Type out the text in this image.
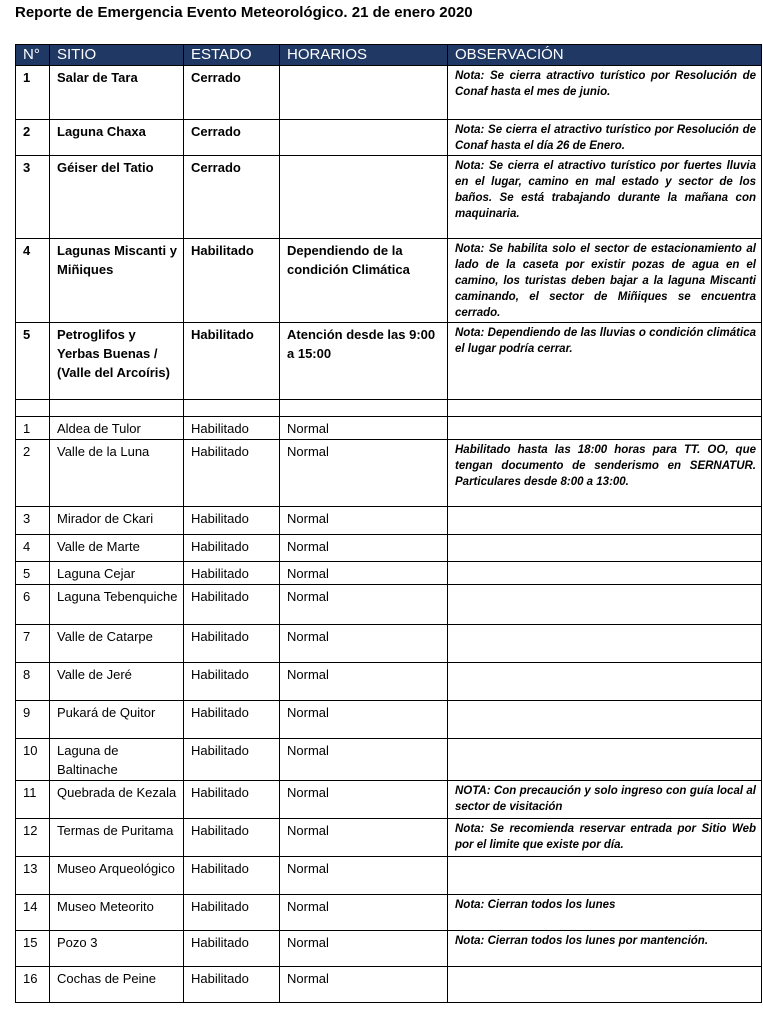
Reporte de Emergencia Evento Meteorológico. 21 de enero 2020
N°	SITIO	ESTADO	HORARIOS	OBSERVACIÓN
1	Salar de Tara	Cerrado		Nota: Se cierra atractivo turístico por Resolución de Conaf hasta el mes de junio.
2	Laguna Chaxa	Cerrado		Nota: Se cierra el atractivo turístico por Resolución de Conaf hasta el día 26 de Enero.
3	Géiser del Tatio	Cerrado		Nota: Se cierra el atractivo turístico por fuertes lluvia en el lugar, camino en mal estado y sector de los baños. Se está trabajando durante la mañana con maquinaria.
4	Lagunas Miscanti y Miñiques	Habilitado	Dependiendo de la condición Climática	Nota: Se habilita solo el sector de estacionamiento al lado de la caseta por existir pozas de agua en el camino, los turistas deben bajar a la laguna Miscanti caminando, el sector de Miñiques se encuentra cerrado.
5	Petroglifos y Yerbas Buenas / (Valle del Arcoíris)	Habilitado	Atención desde las 9:00 a 15:00	Nota: Dependiendo de las lluvias o condición climática el lugar podría cerrar.

1	Aldea de Tulor	Habilitado	Normal	
2	Valle de la Luna	Habilitado	Normal	Habilitado hasta las 18:00 horas para TT. OO, que tengan documento de senderismo en SERNATUR. Particulares desde 8:00 a 13:00.
3	Mirador de Ckari	Habilitado	Normal	
4	Valle de Marte	Habilitado	Normal	
5	Laguna Cejar	Habilitado	Normal	
6	Laguna Tebenquiche	Habilitado	Normal	
7	Valle de Catarpe	Habilitado	Normal	
8	Valle de Jeré	Habilitado	Normal	
9	Pukará de Quitor	Habilitado	Normal	
10	Laguna de Baltinache	Habilitado	Normal	
11	Quebrada de Kezala	Habilitado	Normal	NOTA: Con precaución y solo ingreso con guía local al sector de visitación
12	Termas de Puritama	Habilitado	Normal	Nota: Se recomienda reservar entrada por Sitio Web por el limite que existe por día.
13	Museo Arqueológico	Habilitado	Normal	
14	Museo Meteorito	Habilitado	Normal	Nota: Cierran todos los lunes
15	Pozo 3	Habilitado	Normal	Nota: Cierran todos los lunes por mantención.
16	Cochas de Peine	Habilitado	Normal	
